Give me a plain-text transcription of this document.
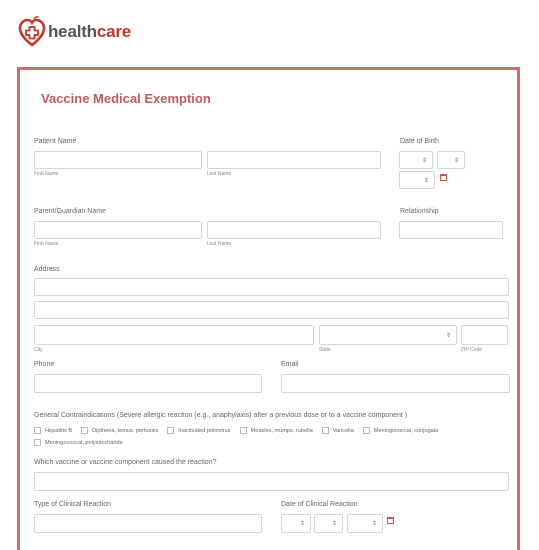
healthcare
Vaccine Medical Exemption
Patient Name
First Name	Last Name
Date of Birth
⇕	⇕
⇕
Parent/Guardian Name
First Name	Last Name
Relationship
Address
⇕
City	State	ZIP Code
Phone	Email
General Contraindications (Severe allergic reaction (e.g., anaphylaxis) after a previous dose or to a vaccine component )
Hepatitis B	Diptheria, tetnus, pertussis	Inactivated poliovirus	Measles, mumps, rubella	Varicella	Meningococcal, conjugate
Meningococcal, polysaccharide
Which vaccine or vaccine component caused the reaction?
Type of Clinical Reaction	Date of Clinical Reaction
⇕	⇕	⇕
